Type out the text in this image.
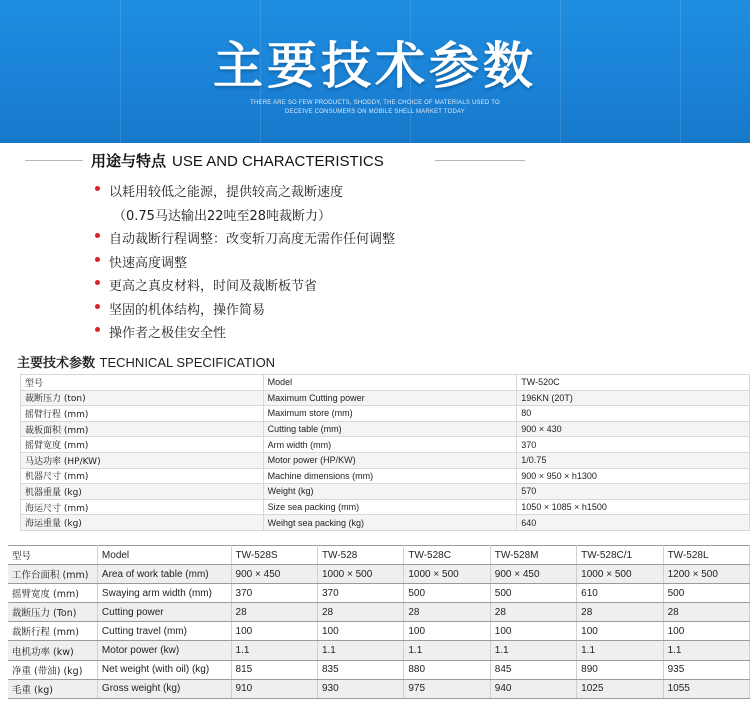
主要技术参数
THERE ARE SO FEW PRODUCTS, SHODDY, THE CHOICE OF MATERIALS USED TO
DECEIVE CONSUMERS ON MOBILE SHELL MARKET TODAY
用途与特点 USE AND CHARACTERISTICS
以耗用较低之能源，提供较高之裁断速度
（0.75马达输出22吨至28吨裁断力）
自动裁断行程调整：改变斩刀高度无需作任何调整
快速高度调整
更高之真皮材料，时间及裁断板节省
坚固的机体结构，操作简易
操作者之极佳安全性
主要技术参数 TECHNICAL SPECIFICATION
型号	Model	TW-520C
裁断压力 (ton)	Maximum Cutting power	196KN (20T)
摇臂行程 (mm)	Maximum store (mm)	80
裁板面积 (mm)	Cutting table (mm)	900 × 430
摇臂宽度 (mm)	Arm width (mm)	370
马达功率 (HP/KW)	Motor power (HP/KW)	1/0.75
机器尺寸 (mm)	Machine dimensions (mm)	900 × 950 × h1300
机器重量 (kg)	Weight (kg)	570
海运尺寸 (mm)	Size sea packing (mm)	1050 × 1085 × h1500
海运重量 (kg)	Weihgt sea packing (kg)	640
型号	Model	TW-528S	TW-528	TW-528C	TW-528M	TW-528C/1	TW-528L
工作台面积 (mm)	Area of work table (mm)	900 × 450	1000 × 500	1000 × 500	900 × 450	1000 × 500	1200 × 500
摇臂宽度 (mm)	Swaying arm width (mm)	370	370	500	500	610	500
裁断压力 (Ton)	Cutting power	28	28	28	28	28	28
裁断行程 (mm)	Cutting travel (mm)	100	100	100	100	100	100
电机功率 (kw)	Motor power (kw)	1.1	1.1	1.1	1.1	1.1	1.1
净重 (带油) (kg)	Net weight (with oil) (kg)	815	835	880	845	890	935
毛重 (kg)	Gross weight (kg)	910	930	975	940	1025	1055
